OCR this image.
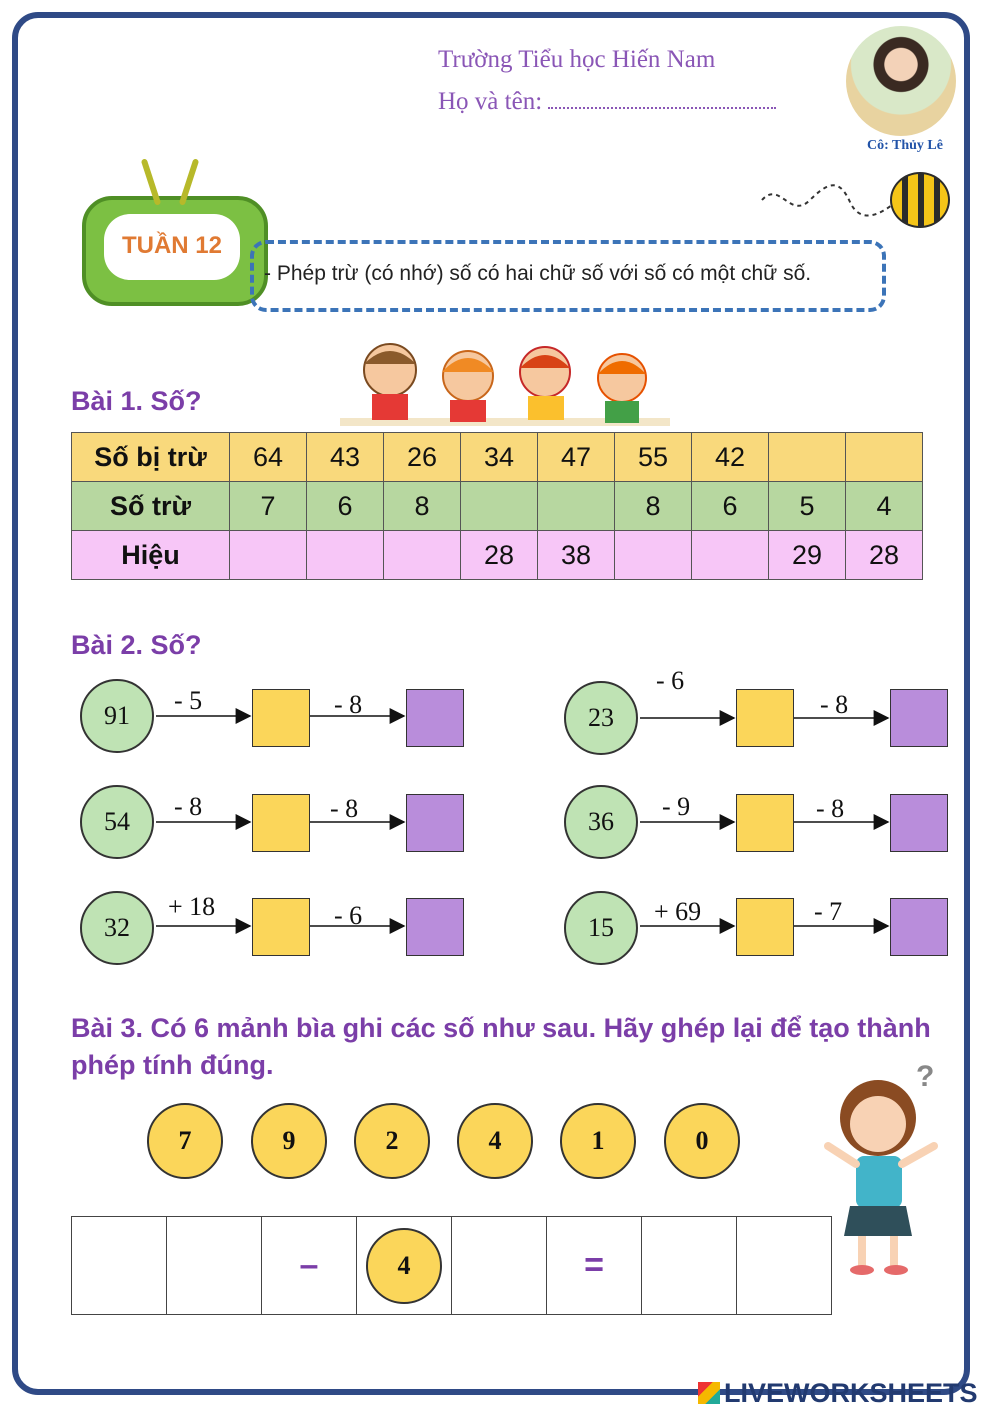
Trường Tiểu học Hiến Nam
Họ và tên:
Cô: Thủy Lê
TUẦN 12
- Phép trừ (có nhớ) số có hai chữ số với số có một chữ số.
Bài 1. Số?
Số bị trừ	64	43	26	34	47	55	42		
Số trừ	7	6	8			8	6	5	4
Hiệu				28	38			29	28
Bài 2. Số?
91
- 5	- 8
54
- 8	- 8
32
+ 18	- 6
23
- 6
- 8
36
- 9	- 8
15
+ 69	- 7
Bài 3. Có 6 mảnh bìa ghi các số như sau. Hãy ghép lại để tạo thành phép tính đúng.
7	9	2	4	1	0
?
		–	4		=		
LIVEWORKSHEETS
